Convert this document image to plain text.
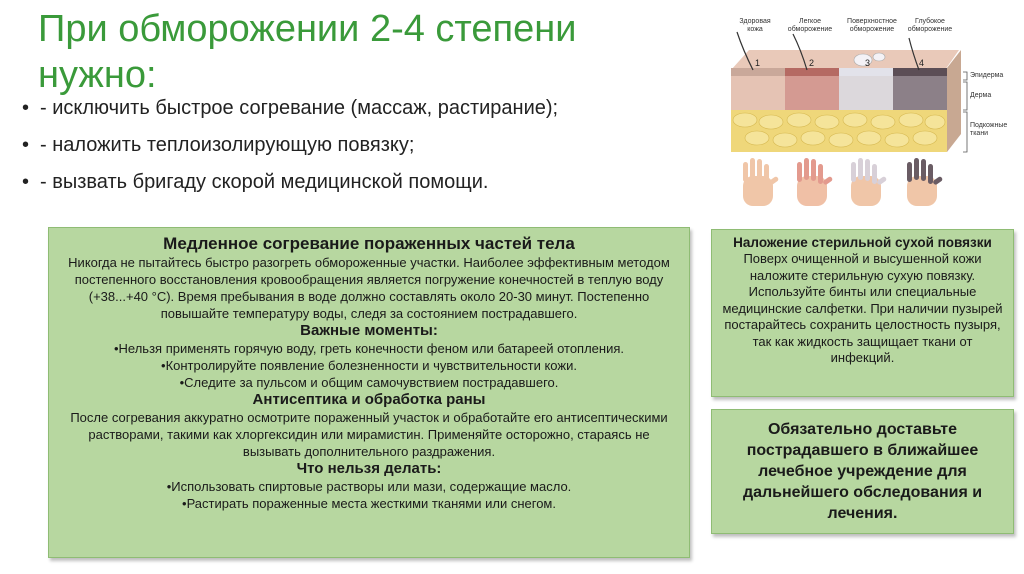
При обморожении 2-4 степени нужно:
• - исключить быстрое согревание (массаж, растирание);
• - наложить теплоизолирующую повязку;
• - вызвать бригаду скорой медицинской помощи.
Здоровая кожа
Легкое обморожение
Поверхностное обморожение
Глубокое обморожение
1	2	3	4
Эпидерма
Дерма
Подкожные ткани
Медленное согревание пораженных частей тела
Никогда не пытайтесь быстро разогреть обмороженные участки. Наиболее эффективным методом постепенного восстановления кровообращения является погружение конечностей в теплую воду (+38...+40 °C). Время пребывания в воде должно составлять около 20-30 минут. Постепенно повышайте температуру воды, следя за состоянием пострадавшего.
Важные моменты:
•Нельзя применять горячую воду, греть конечности феном или батареей отопления.
•Контролируйте появление болезненности и чувствительности кожи.
•Следите за пульсом и общим самочувствием пострадавшего.
Антисептика и обработка раны
После согревания аккуратно осмотрите пораженный участок и обработайте его антисептическими растворами, такими как хлоргексидин или мирамистин. Применяйте осторожно, стараясь не вызывать дополнительного раздражения.
Что нельзя делать:
•Использовать спиртовые растворы или мази, содержащие масло.
•Растирать пораженные места жесткими тканями или снегом.
Наложение стерильной сухой повязки
Поверх очищенной и высушенной кожи наложите стерильную сухую повязку. Используйте бинты или специальные медицинские салфетки. При наличии пузырей постарайтесь сохранить целостность пузыря, так как жидкость защищает ткани от инфекций.
Обязательно доставьте пострадавшего в ближайшее лечебное учреждение для дальнейшего обследования и лечения.
